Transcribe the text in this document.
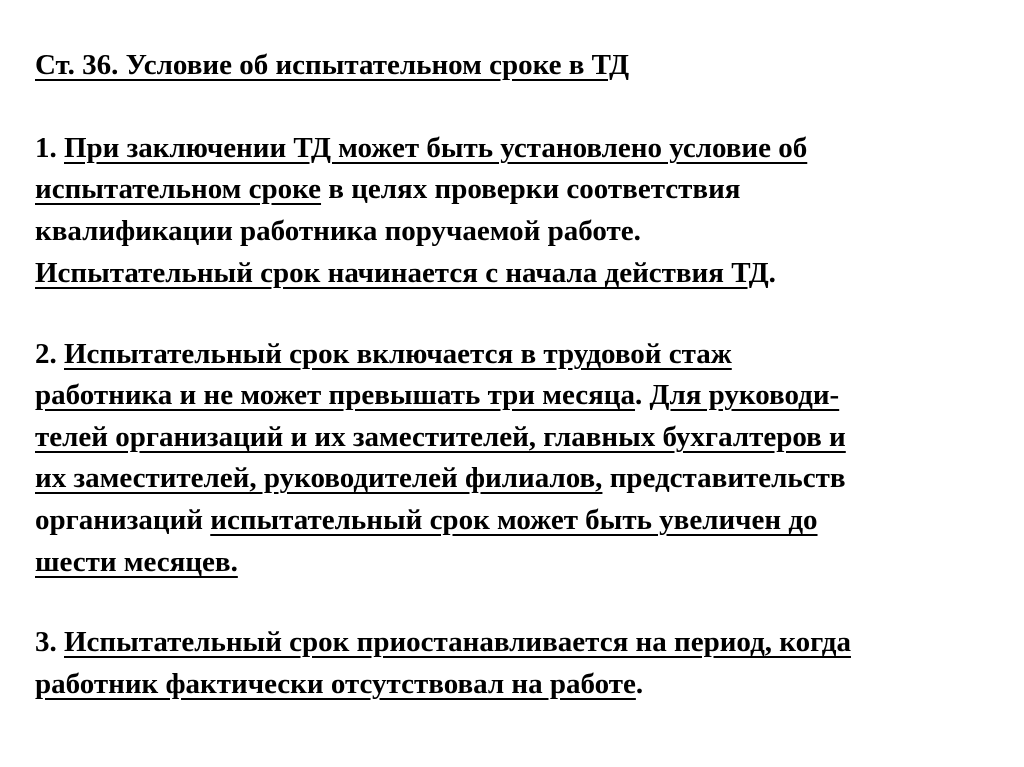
Ст. 36. Условие об испытательном сроке в ТД
1. При заключении ТД может быть установлено условие об
испытательном сроке в целях проверки соответствия
квалификации работника поручаемой работе.
Испытательный срок начинается с начала действия ТД.
2. Испытательный срок включается в трудовой стаж
работника и не может превышать три месяца. Для руководи-
телей организаций и их заместителей, главных бухгалтеров и
их заместителей, руководителей филиалов, представительств
организаций испытательный срок может быть увеличен до
шести месяцев.
3. Испытательный срок приостанавливается на период, когда
работник фактически отсутствовал на работе.
